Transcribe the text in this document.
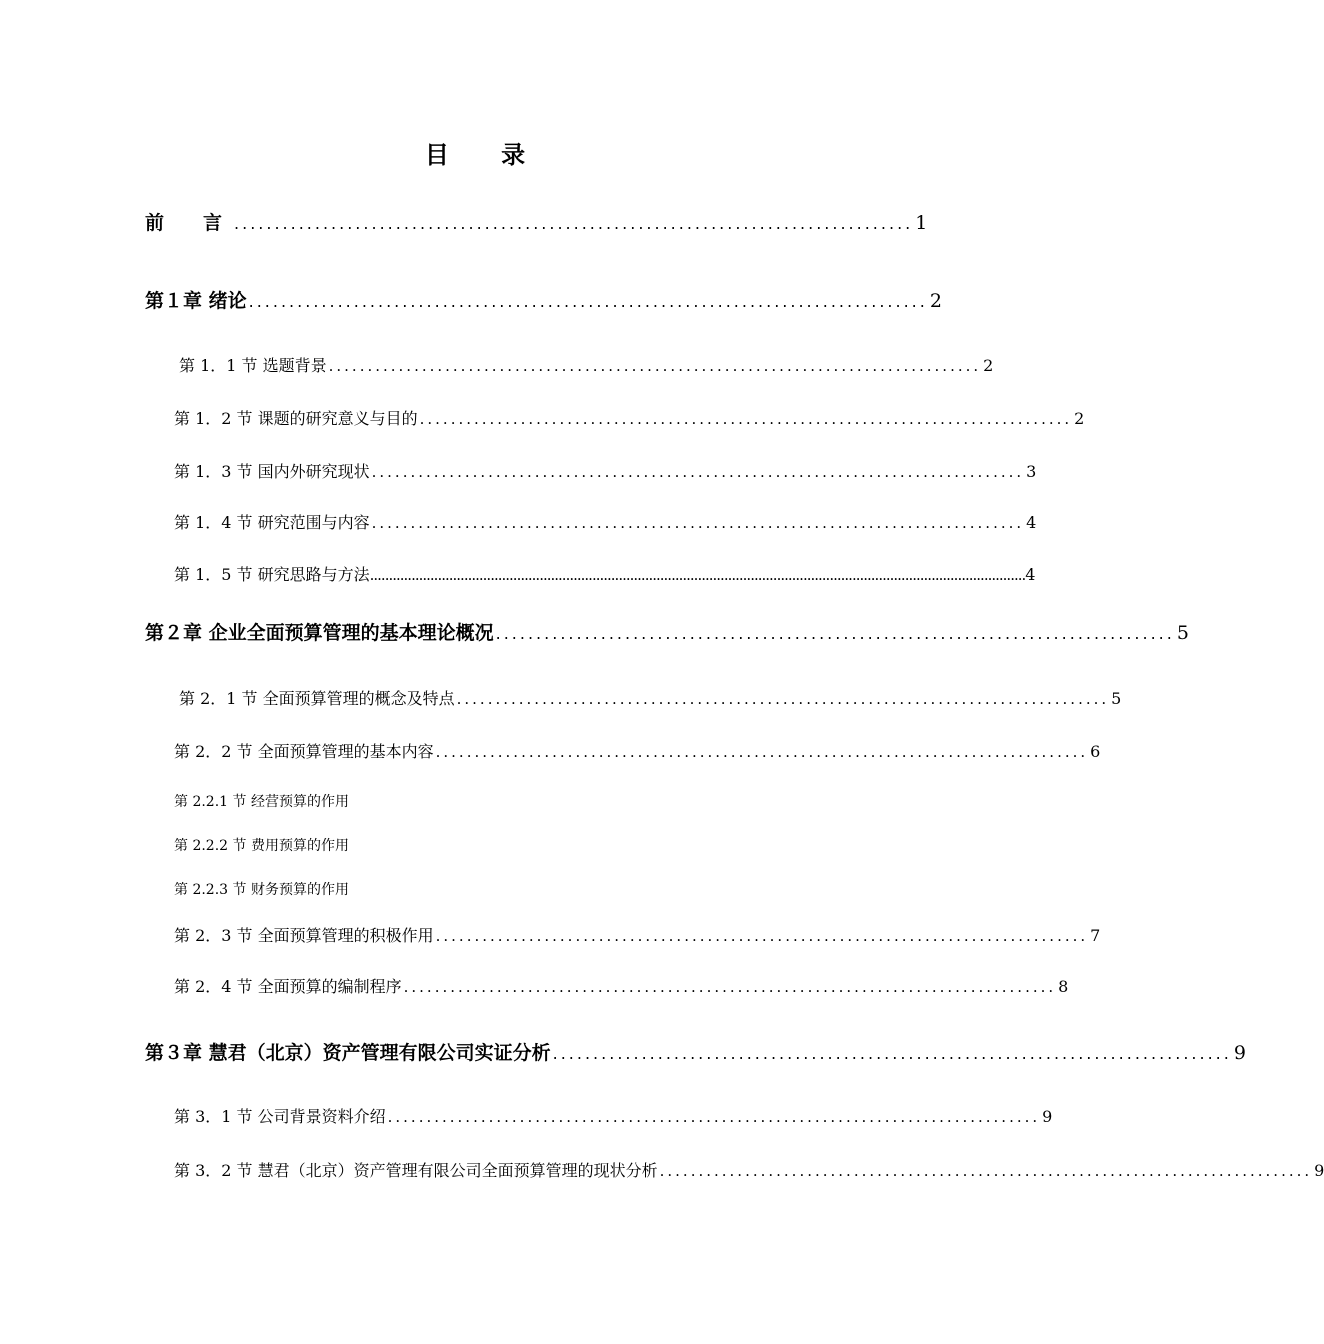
目 录
前　言 .................................................................................... 1
第１章 绪论 .................................................................................... 2
第 1．1 节 选题背景 .................................................................................... 2
第 1．2 节 课题的研究意义与目的 .................................................................................... 2
第 1．3 节 国内外研究现状 .................................................................................... 3
第 1．4 节 研究范围与内容 .................................................................................... 4
第 1．5 节 研究思路与方法 .............................................................................................................................................................................. 4
第２章 企业全面预算管理的基本理论概况 .................................................................................... 5
第 2．1 节 全面预算管理的概念及特点 .................................................................................... 5
第 2．2 节 全面预算管理的基本内容 .................................................................................... 6
第 2.2.1 节 经营预算的作用
第 2.2.2 节 费用预算的作用
第 2.2.3 节 财务预算的作用
第 2．3 节 全面预算管理的积极作用 .................................................................................... 7
第 2．4 节 全面预算的编制程序 .................................................................................... 8
第３章 慧君（北京）资产管理有限公司实证分析 .................................................................................... 9
第 3．1 节 公司背景资料介绍 .................................................................................... 9
第 3．2 节 慧君（北京）资产管理有限公司全面预算管理的现状分析 .................................................................................... 9
